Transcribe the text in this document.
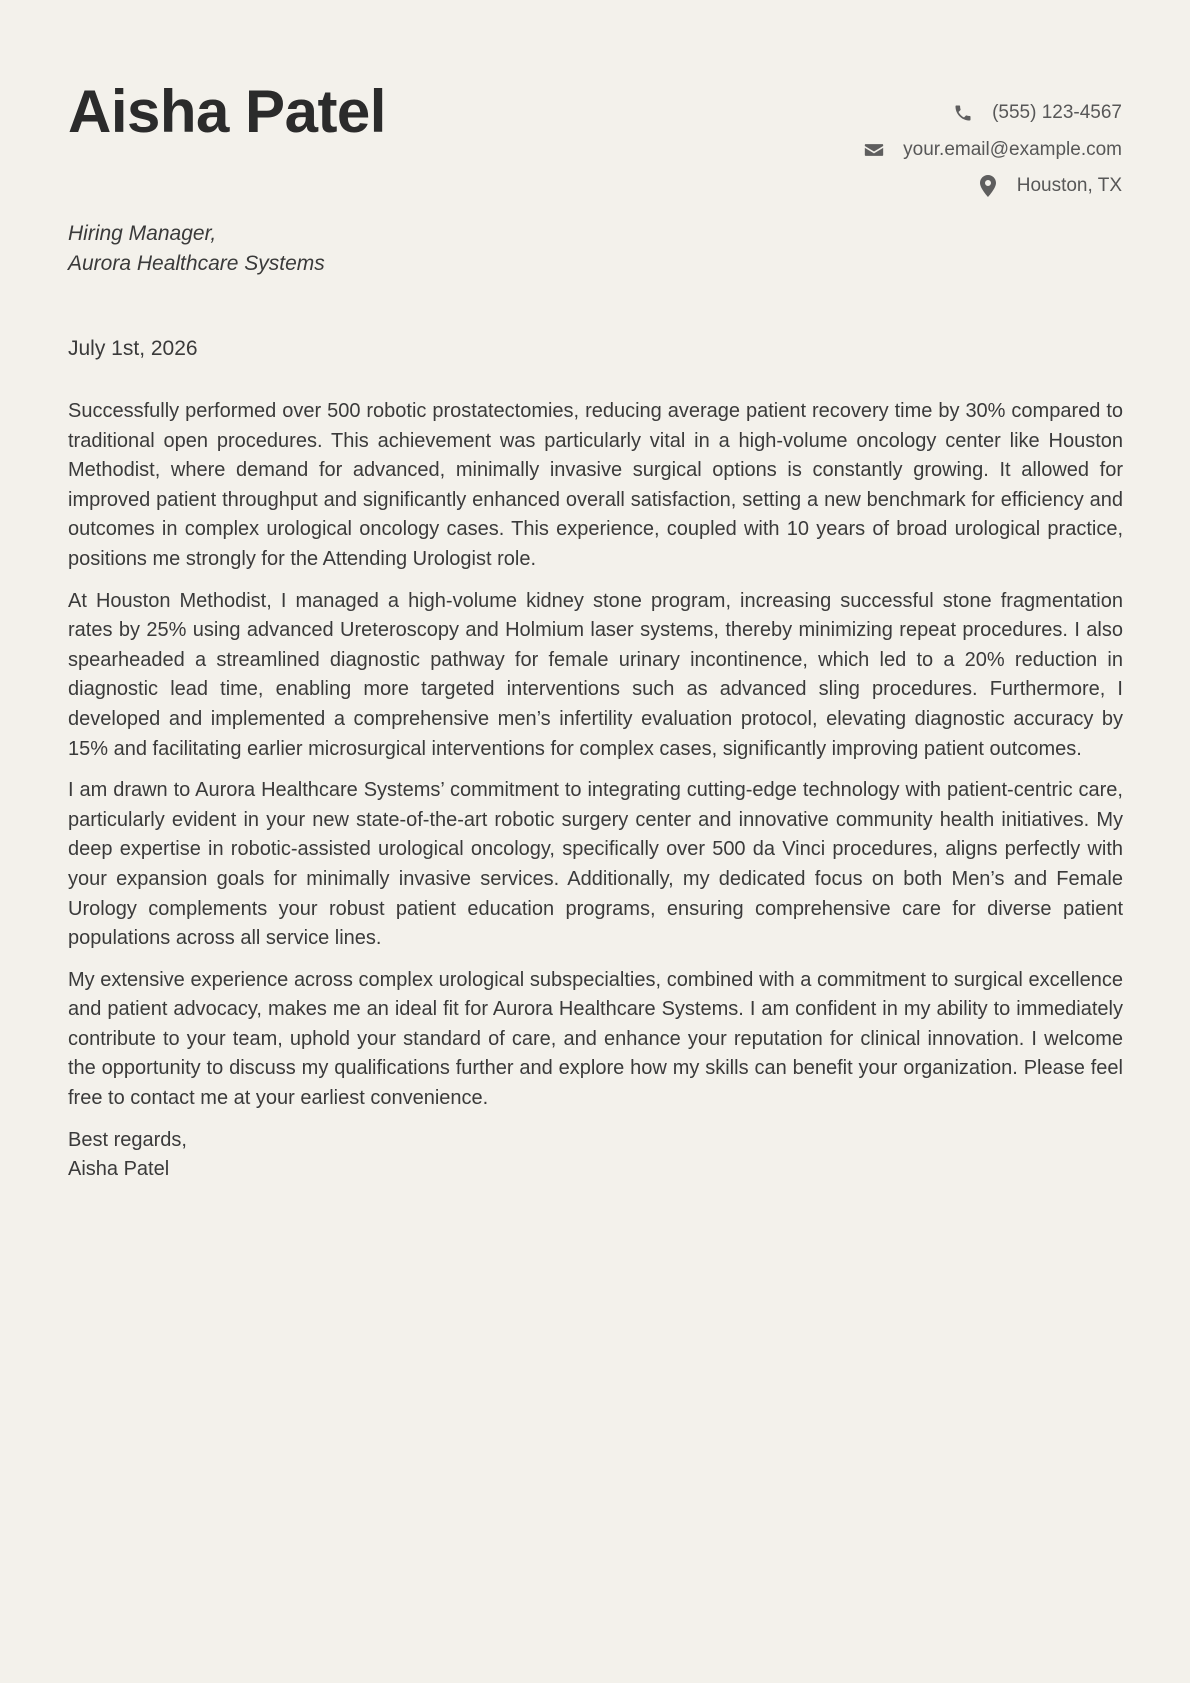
Aisha Patel	(555) 123-4567
your.email@example.com
Houston, TX
Hiring Manager,
Aurora Healthcare Systems
July 1st, 2026

Successfully performed over 500 robotic prostatectomies, reducing average patient recovery time by 30% compared to traditional open procedures. This achievement was particularly vital in a high-volume oncology center like Houston Methodist, where demand for advanced, minimally invasive surgical options is constantly growing. It allowed for improved patient throughput and significantly enhanced overall satisfaction, setting a new benchmark for efficiency and outcomes in complex urological oncology cases. This experience, coupled with 10 years of broad urological practice, positions me strongly for the Attending Urologist role.

At Houston Methodist, I managed a high-volume kidney stone program, increasing successful stone fragmentation rates by 25% using advanced Ureteroscopy and Holmium laser systems, thereby minimizing repeat procedures. I also spearheaded a streamlined diagnostic pathway for female urinary incontinence, which led to a 20% reduction in diagnostic lead time, enabling more targeted interventions such as advanced sling procedures. Furthermore, I developed and implemented a comprehensive men’s infertility evaluation protocol, elevating diagnostic accuracy by 15% and facilitating earlier microsurgical interventions for complex cases, significantly improving patient outcomes.

I am drawn to Aurora Healthcare Systems’ commitment to integrating cutting-edge technology with patient-centric care, particularly evident in your new state-of-the-art robotic surgery center and innovative community health initiatives. My deep expertise in robotic-assisted urological oncology, specifically over 500 da Vinci procedures, aligns perfectly with your expansion goals for minimally invasive services. Additionally, my dedicated focus on both Men’s and Female Urology complements your robust patient education programs, ensuring comprehensive care for diverse patient populations across all service lines.

My extensive experience across complex urological subspecialties, combined with a commitment to surgical excellence and patient advocacy, makes me an ideal fit for Aurora Healthcare Systems. I am confident in my ability to immediately contribute to your team, uphold your standard of care, and enhance your reputation for clinical innovation. I welcome the opportunity to discuss my qualifications further and explore how my skills can benefit your organization. Please feel free to contact me at your earliest convenience.

Best regards,
Aisha Patel
